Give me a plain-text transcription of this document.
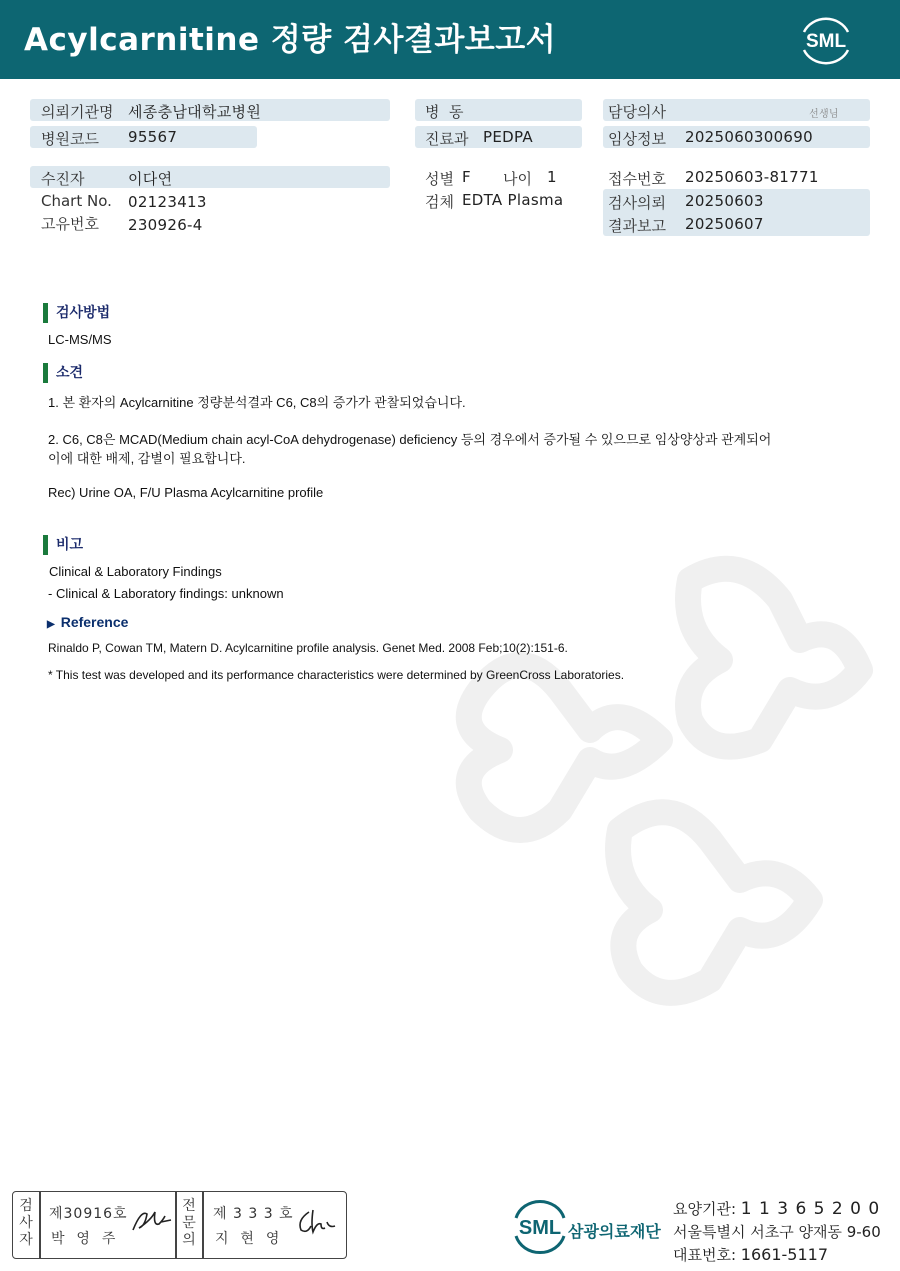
Acylcarnitine 정량 검사결과보고서	SML
의뢰기관명 세종충남대학교병원
병원코드 95567
병  동
진료과 PEDPA
담당의사	선생님
임상정보 2025060300690
수진자	이다연
Chart No. 02123413
고유번호 230926-4
성별 F 나이 1
검체 EDTA Plasma
접수번호 20250603-81771
검사의뢰 20250603
결과보고 20250607
검사방법
LC-MS/MS
소견
1. 본 환자의 Acylcarnitine 정량분석결과 C6, C8의 증가가 관찰되었습니다.
2. C6, C8은 MCAD(Medium chain acyl-CoA dehydrogenase) deficiency 등의 경우에서 증가될 수 있으므로 임상양상과 관계되어
이에 대한 배제, 감별이 필요합니다.
Rec) Urine OA, F/U Plasma Acylcarnitine profile
비고
Clinical & Laboratory Findings
- Clinical & Laboratory findings: unknown
▶ Reference
Rinaldo P, Cowan TM, Matern D. Acylcarnitine profile analysis. Genet Med. 2008 Feb;10(2):151-6.
* This test was developed and its performance characteristics were determined by GreenCross Laboratories.
검
사
자
제30916호
박  영  주
전
문
의
제 3 3 3 호
지  현  영	SML 삼광의료재단
요양기관: 1 1 3 6 5 2 0 0
서울특별시 서초구 양재동 9-60
대표번호: 1661-5117
